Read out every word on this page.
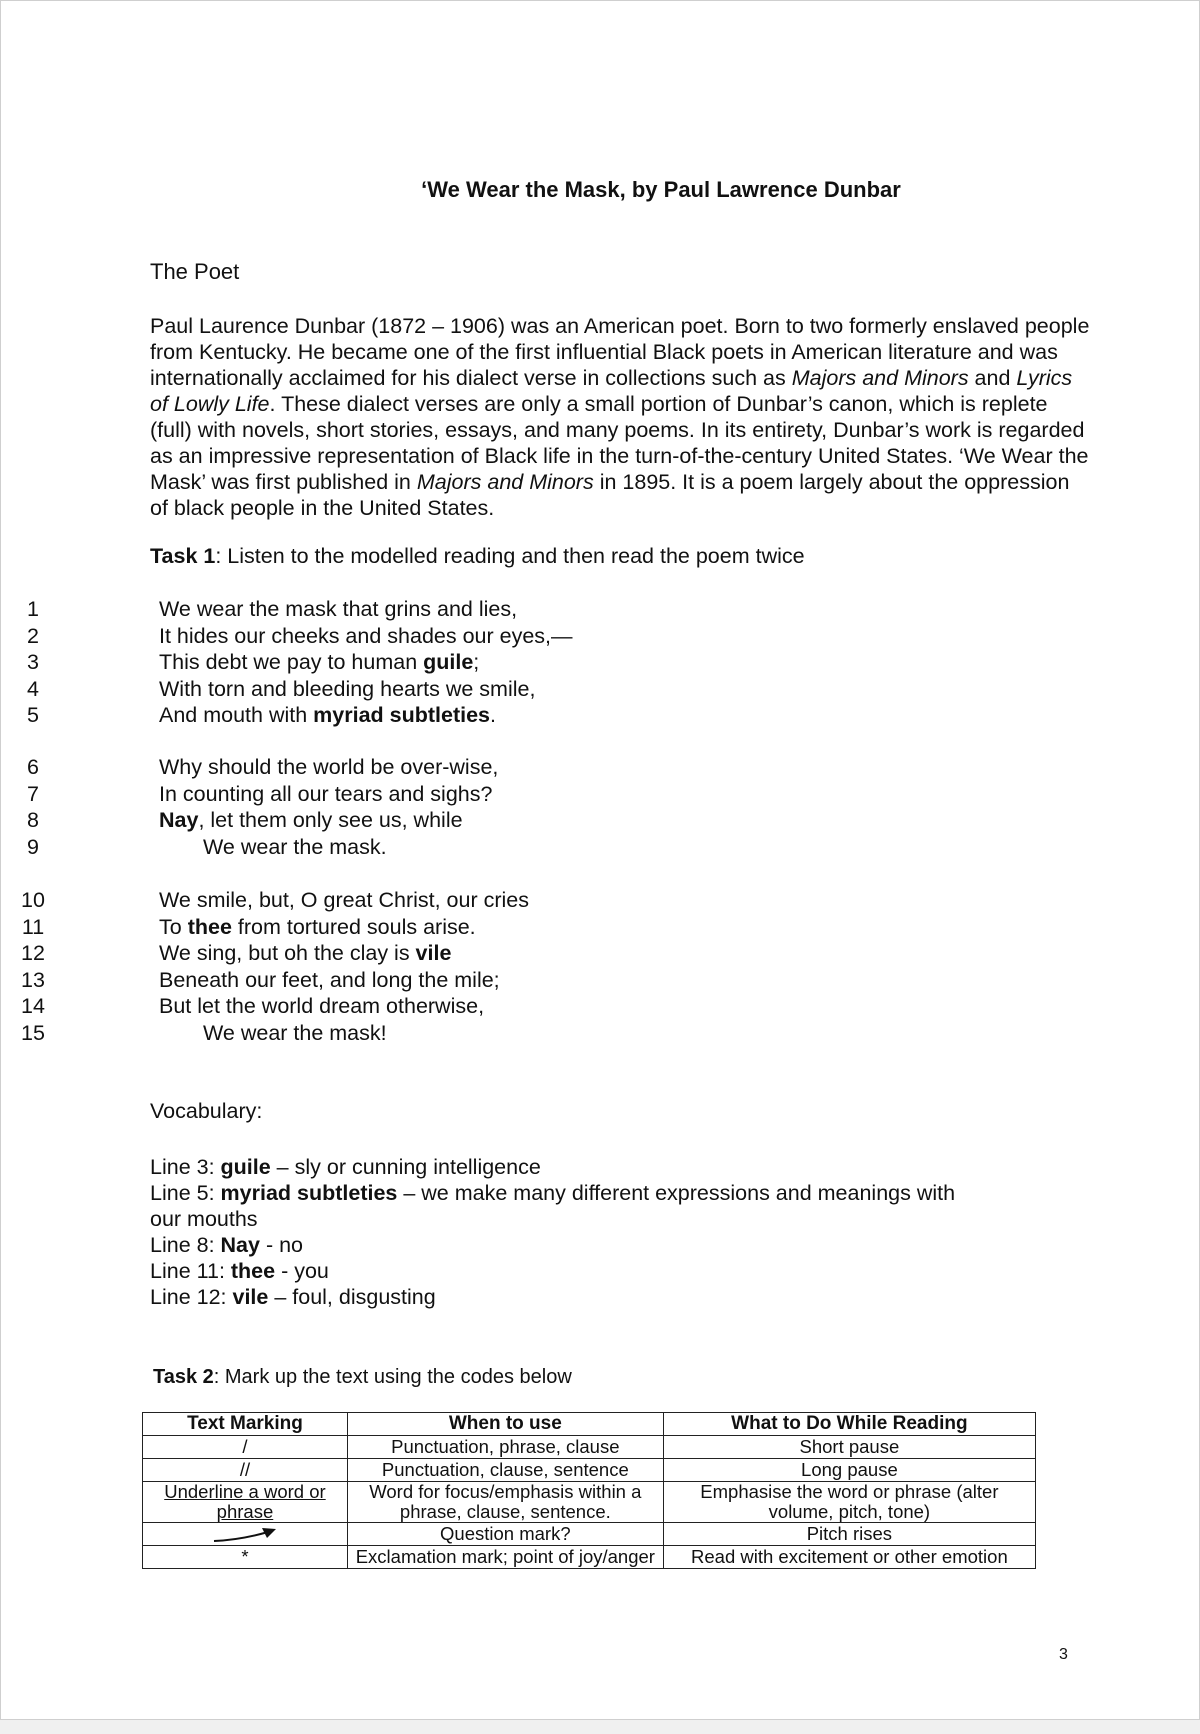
‘We Wear the Mask, by Paul Lawrence Dunbar
The Poet
Paul Laurence Dunbar (1872 – 1906) was an American poet. Born to two formerly enslaved people from Kentucky. He became one of the first influential Black poets in American literature and was internationally acclaimed for his dialect verse in collections such as Majors and Minors and Lyrics of Lowly Life. These dialect verses are only a small portion of Dunbar’s canon, which is replete (full) with novels, short stories, essays, and many poems. In its entirety, Dunbar’s work is regarded as an impressive representation of Black life in the turn-of-the-century United States. ‘We Wear the Mask’ was first published in Majors and Minors in 1895. It is a poem largely about the oppression of black people in the United States.
Task 1: Listen to the modelled reading and then read the poem twice
1	We wear the mask that grins and lies,
2	It hides our cheeks and shades our eyes,—
3	This debt we pay to human guile;
4	With torn and bleeding hearts we smile,
5	And mouth with myriad subtleties.
6	Why should the world be over-wise,
7	In counting all our tears and sighs?
8	Nay, let them only see us, while
9	We wear the mask.
10	We smile, but, O great Christ, our cries
11	To thee from tortured souls arise.
12	We sing, but oh the clay is vile
13	Beneath our feet, and long the mile;
14	But let the world dream otherwise,
15	We wear the mask!
Vocabulary:
Line 3: guile – sly or cunning intelligence
Line 5: myriad subtleties – we make many different expressions and meanings with our mouths
Line 8: Nay - no
Line 11: thee - you
Line 12: vile – foul, disgusting
Task 2: Mark up the text using the codes below
Text Marking	When to use	What to Do While Reading
/	Punctuation, phrase, clause	Short pause
//	Punctuation, clause, sentence	Long pause
Underline a word or phrase	Word for focus/emphasis within a phrase, clause, sentence.	Emphasise the word or phrase (alter volume, pitch, tone)
	Question mark?	Pitch rises
*	Exclamation mark; point of joy/anger	Read with excitement or other emotion
3
